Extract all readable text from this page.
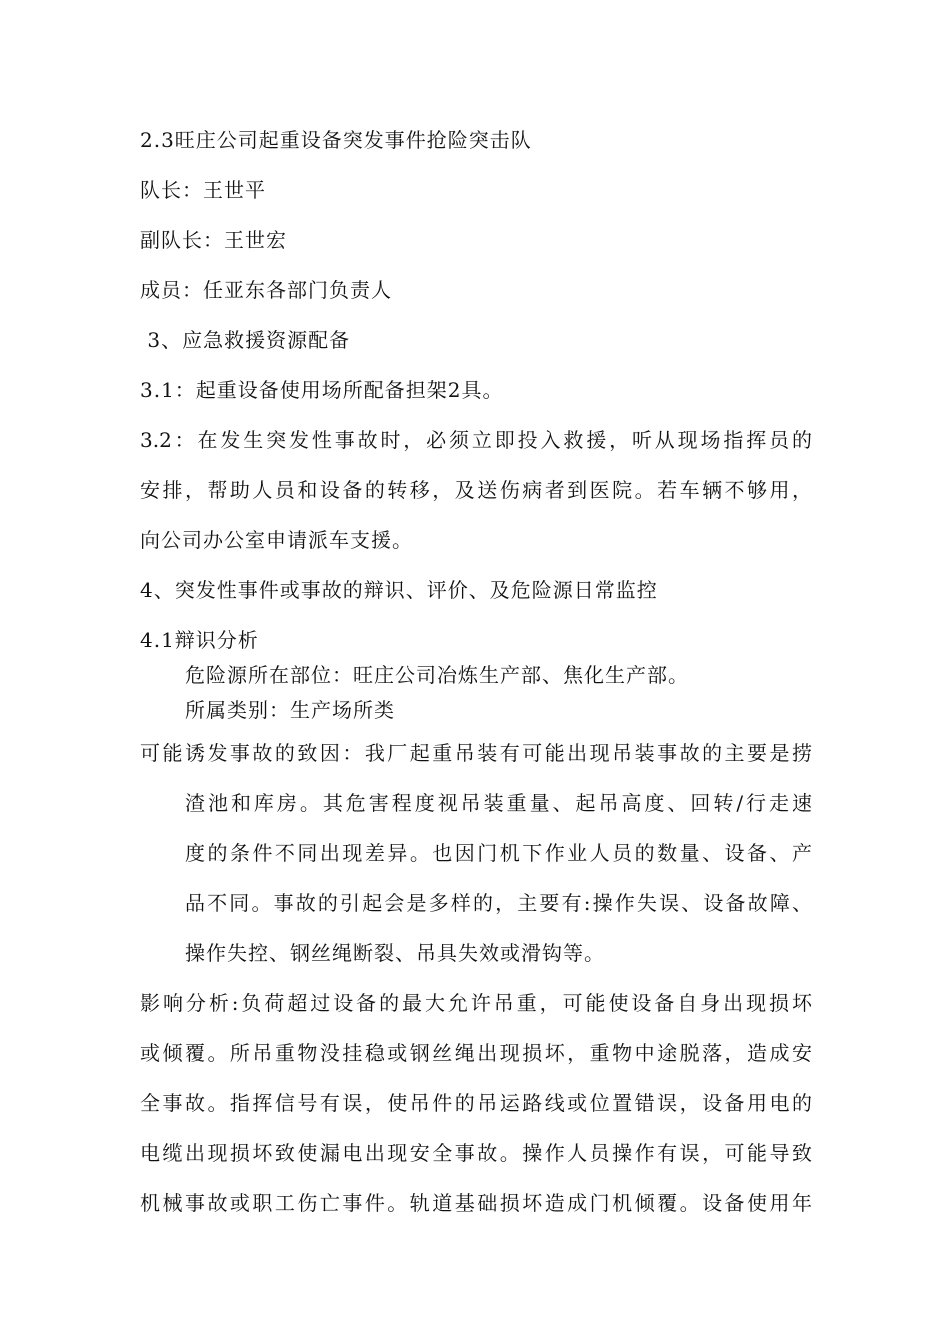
2.3旺庄公司起重设备突发事件抢险突击队
队长：王世平
副队长：王世宏
成员：任亚东各部门负责人
3、应急救援资源配备
3.1：起重设备使用场所配备担架2具。
3.2：在发生突发性事故时，必须立即投入救援，听从现场指挥员的
安排，帮助人员和设备的转移，及送伤病者到医院。若车辆不够用，
向公司办公室申请派车支援。
4、突发性事件或事故的辩识、评价、及危险源日常监控
4.1辩识分析
危险源所在部位：旺庄公司冶炼生产部、焦化生产部。
所属类别：生产场所类
可能诱发事故的致因：我厂起重吊装有可能出现吊装事故的主要是捞
渣池和库房。其危害程度视吊装重量、起吊高度、回转/行走速
度的条件不同出现差异。也因门机下作业人员的数量、设备、产
品不同。事故的引起会是多样的，主要有:操作失误、设备故障、
操作失控、钢丝绳断裂、吊具失效或滑钩等。
影响分析:负荷超过设备的最大允许吊重，可能使设备自身出现损坏
或倾覆。所吊重物没挂稳或钢丝绳出现损坏，重物中途脱落，造成安
全事故。指挥信号有误，使吊件的吊运路线或位置错误，设备用电的
电缆出现损坏致使漏电出现安全事故。操作人员操作有误，可能导致
机械事故或职工伤亡事件。轨道基础损坏造成门机倾覆。设备使用年
